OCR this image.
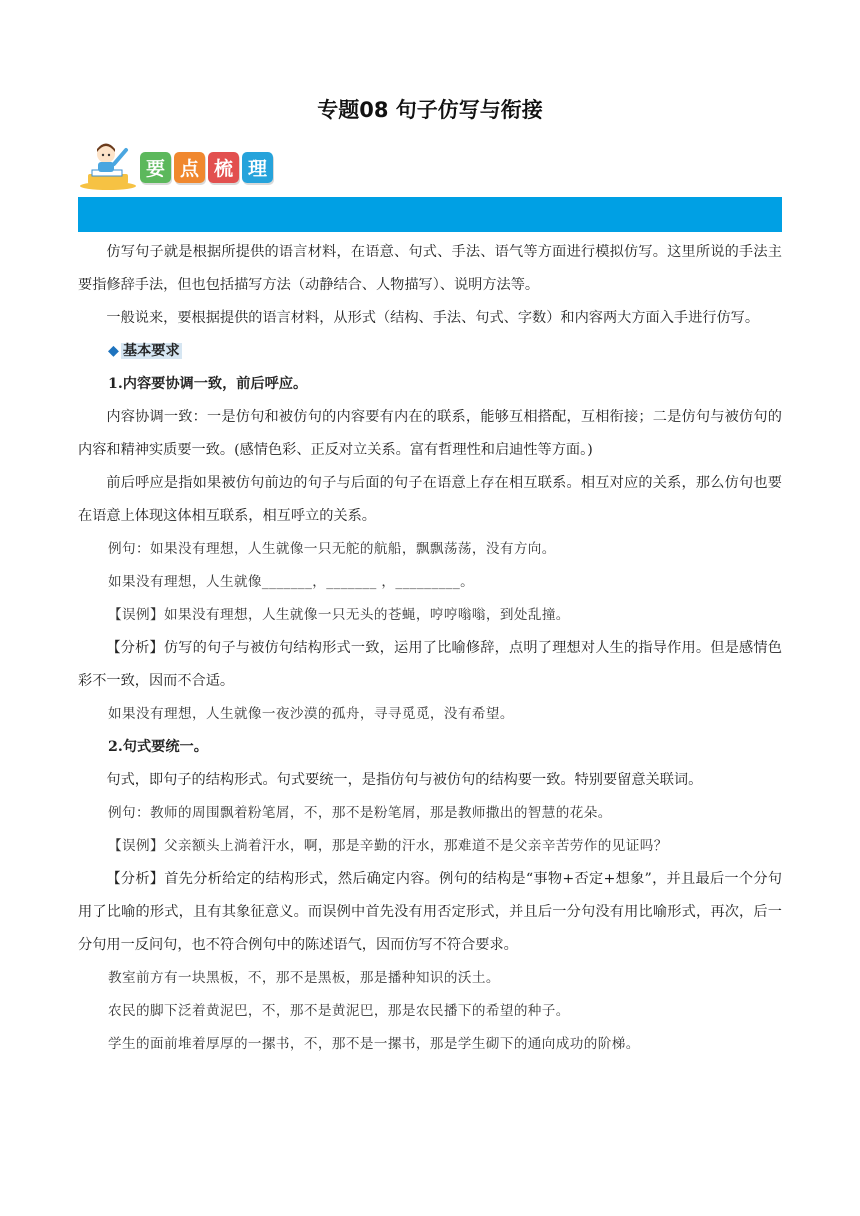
专题08 句子仿写与衔接
要 点 梳 理

仿写句子就是根据所提供的语言材料，在语意、句式、手法、语气等方面进行模拟仿写。这里所说的手法主要指修辞手法，但也包括描写方法（动静结合、人物描写）、说明方法等。

一般说来，要根据提供的语言材料，从形式（结构、手法、句式、字数）和内容两大方面入手进行仿写。

◆ 基本要求

1.内容要协调一致，前后呼应。

内容协调一致：一是仿句和被仿句的内容要有内在的联系，能够互相搭配，互相衔接；二是仿句与被仿句的内容和精神实质要一致。(感情色彩、正反对立关系。富有哲理性和启迪性等方面。)

前后呼应是指如果被仿句前边的句子与后面的句子在语意上存在相互联系。相互对应的关系，那么仿句也要在语意上体现这体相互联系，相互呼立的关系。

例句：如果没有理想，人生就像一只无舵的航船，飘飘荡荡，没有方向。

如果没有理想，人生就像_______，_______ ，_________。

【误例】如果没有理想，人生就像一只无头的苍蝇，哼哼嗡嗡，到处乱撞。

【分析】仿写的句子与被仿句结构形式一致，运用了比喻修辞，点明了理想对人生的指导作用。但是感情色彩不一致，因而不合适。

如果没有理想，人生就像一夜沙漠的孤舟，寻寻觅觅，没有希望。

2.句式要统一。

句式，即句子的结构形式。句式要统一，是指仿句与被仿句的结构要一致。特别要留意关联词。

例句：教师的周围飘着粉笔屑，不，那不是粉笔屑，那是教师撒出的智慧的花朵。

【误例】父亲额头上淌着汗水，啊，那是辛勤的汗水，那难道不是父亲辛苦劳作的见证吗？

【分析】首先分析给定的结构形式，然后确定内容。例句的结构是“事物+否定+想象”，并且最后一个分句用了比喻的形式，且有其象征意义。而误例中首先没有用否定形式，并且后一分句没有用比喻形式，再次，后一分句用一反问句，也不符合例句中的陈述语气，因而仿写不符合要求。

教室前方有一块黑板，不，那不是黑板，那是播种知识的沃土。

农民的脚下泛着黄泥巴，不，那不是黄泥巴，那是农民播下的希望的种子。

学生的面前堆着厚厚的一摞书，不，那不是一摞书，那是学生砌下的通向成功的阶梯。
